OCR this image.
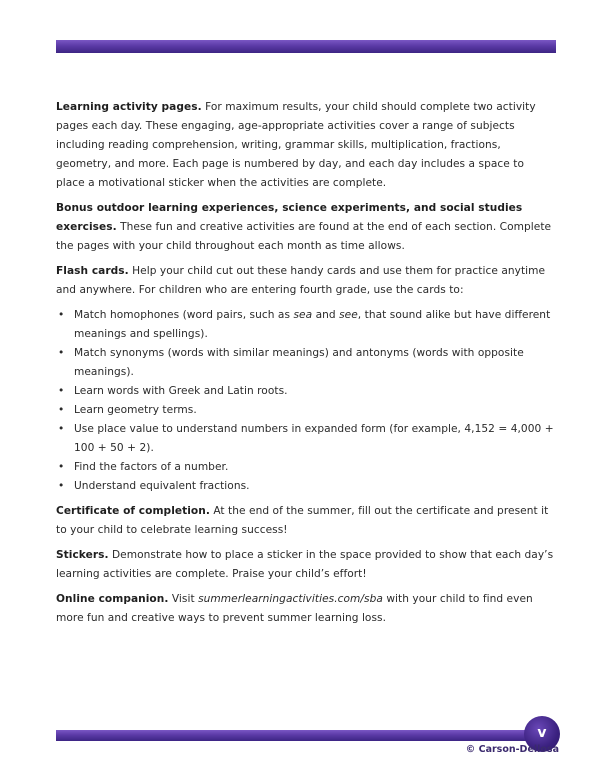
Learning activity pages. For maximum results, your child should complete two activity pages each day. These engaging, age-appropriate activities cover a range of subjects including reading comprehension, writing, grammar skills, multiplication, fractions, geometry, and more. Each page is numbered by day, and each day includes a space to place a motivational sticker when the activities are complete.

Bonus outdoor learning experiences, science experiments, and social studies exercises. These fun and creative activities are found at the end of each section. Complete the pages with your child throughout each month as time allows.

Flash cards. Help your child cut out these handy cards and use them for practice anytime and anywhere. For children who are entering fourth grade, use the cards to:

• Match homophones (word pairs, such as sea and see, that sound alike but have different meanings and spellings).
• Match synonyms (words with similar meanings) and antonyms (words with opposite meanings).
• Learn words with Greek and Latin roots.
• Learn geometry terms.
• Use place value to understand numbers in expanded form (for example, 4,152 = 4,000 + 100 + 50 + 2).
• Find the factors of a number.
• Understand equivalent fractions.

Certificate of completion. At the end of the summer, fill out the certificate and present it to your child to celebrate learning success!

Stickers. Demonstrate how to place a sticker in the space provided to show that each day’s learning activities are complete. Praise your child’s effort!

Online companion. Visit summerlearningactivities.com/sba with your child to find even more fun and creative ways to prevent summer learning loss.

v
© Carson-Dellosa
